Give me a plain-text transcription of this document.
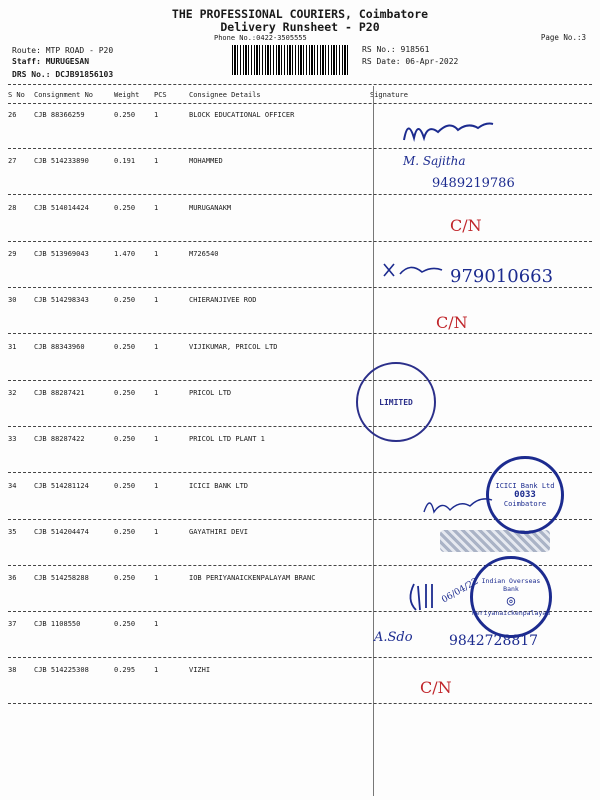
THE PROFESSIONAL COURIERS, Coimbatore
Delivery Runsheet - P20
Phone No.:0422-3505555	Page No.:3
Route: MTP ROAD - P20
Staff: MURUGESAN
DRS No.: DCJB91856103
RS No.: 918561
RS Date: 06-Apr-2022
S No Consignment No	Weight PCS	Consignee Details	Signature
26	CJB 88366259	0.250	1	BLOCK EDUCATIONAL OFFICER
27	CJB 514233890	0.191	1	MOHAMMED
28	CJB 514014424	0.250	1	MURUGANAKM
29	CJB 513969043	1.470	1	M726540
30	CJB 514298343	0.250	1	CHIERANJIVEE ROD
31	CJB 88343960	0.250	1	VIJIKUMAR, PRICOL LTD
32	CJB 88287421	0.250	1	PRICOL LTD
33	CJB 88287422	0.250	1	PRICOL LTD PLANT 1
34	CJB 514281124	0.250	1	ICICI BANK LTD
35	CJB 514204474	0.250	1	GAYATHIRI DEVI
36	CJB 514258288	0.250	1	IOB PERIYANAICKENPALAYAM BRANC
37	CJB 1108550	0.250	1
38	CJB 514225308	0.295	1	VIZHI
M. Sajitha
9489219786
C/N
979010663
C/N
06/04/22
A.Sdo	9842728817
C/N
LIMITED
ICICI Bank Ltd
0033
Coimbatore
Indian Overseas Bank
◎
Periyanaickenpalayam
